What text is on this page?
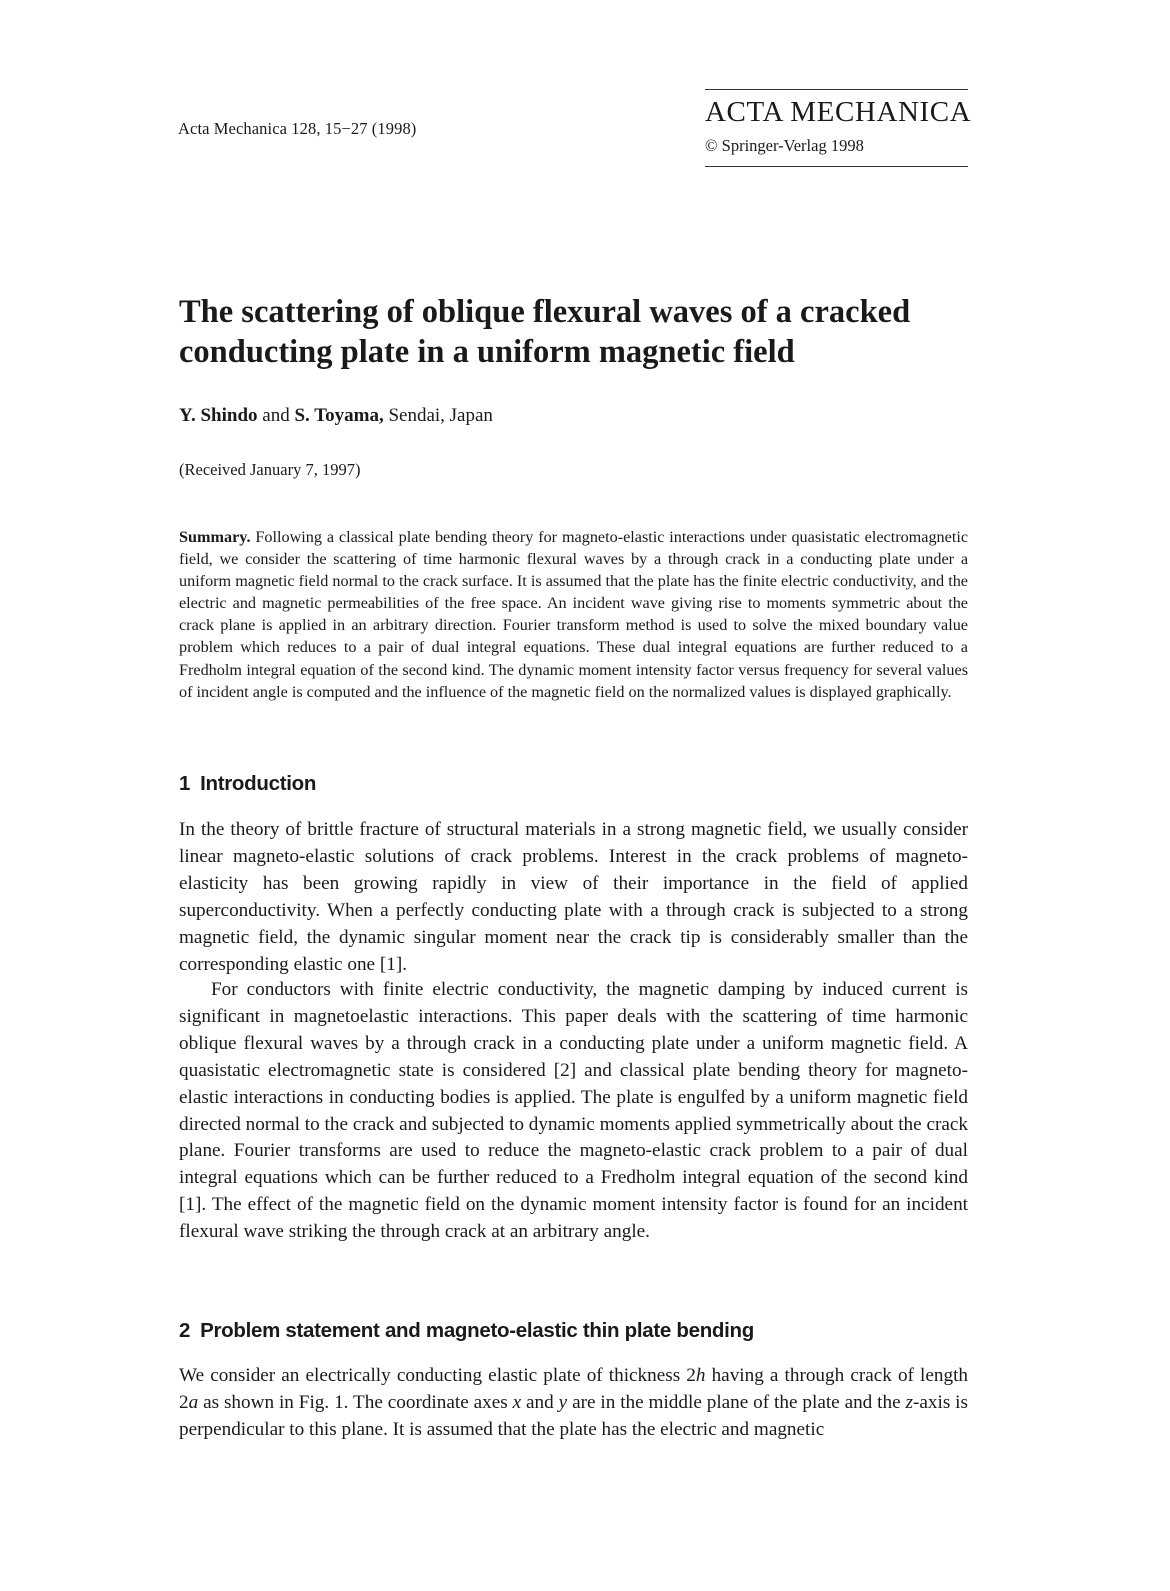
Acta Mechanica 128, 15−27 (1998)
ACTA MECHANICA
© Springer-Verlag 1998
The scattering of oblique flexural waves of a cracked
conducting plate in a uniform magnetic field
Y. Shindo and S. Toyama, Sendai, Japan
(Received January 7, 1997)

Summary. Following a classical plate bending theory for magneto-elastic interactions under quasistatic electromagnetic field, we consider the scattering of time harmonic flexural waves by a through crack in a conducting plate under a uniform magnetic field normal to the crack surface. It is assumed that the plate has the finite electric conductivity, and the electric and magnetic permeabilities of the free space. An incident wave giving rise to moments symmetric about the crack plane is applied in an arbitrary direction. Fourier transform method is used to solve the mixed boundary value problem which reduces to a pair of dual integral equations. These dual integral equations are further reduced to a Fredholm integral equation of the second kind. The dynamic moment intensity factor versus frequency for several values of incident angle is computed and the influence of the magnetic field on the normalized values is displayed graphically.

1 Introduction

In the theory of brittle fracture of structural materials in a strong magnetic field, we usually consider linear magneto-elastic solutions of crack problems. Interest in the crack problems of magneto-elasticity has been growing rapidly in view of their importance in the field of applied superconductivity. When a perfectly conducting plate with a through crack is subjected to a strong magnetic field, the dynamic singular moment near the crack tip is considerably smaller than the corresponding elastic one [1].

For conductors with finite electric conductivity, the magnetic damping by induced current is significant in magnetoelastic interactions. This paper deals with the scattering of time harmonic oblique flexural waves by a through crack in a conducting plate under a uniform magnetic field. A quasistatic electromagnetic state is considered [2] and classical plate bending theory for magneto-elastic interactions in conducting bodies is applied. The plate is engulfed by a uniform magnetic field directed normal to the crack and subjected to dynamic moments applied symmetrically about the crack plane. Fourier transforms are used to reduce the magneto-elastic crack problem to a pair of dual integral equations which can be further reduced to a Fredholm integral equation of the second kind [1]. The effect of the magnetic field on the dynamic moment intensity factor is found for an incident flexural wave striking the through crack at an arbitrary angle.

2 Problem statement and magneto-elastic thin plate bending

We consider an electrically conducting elastic plate of thickness 2h having a through crack of length 2a as shown in Fig. 1. The coordinate axes x and y are in the middle plane of the plate and the z-axis is perpendicular to this plane. It is assumed that the plate has the electric and magnetic
